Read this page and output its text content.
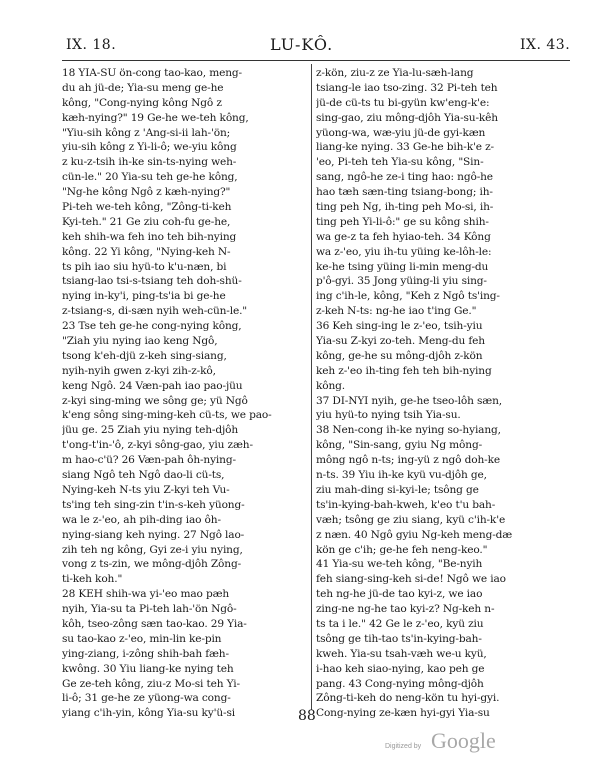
IX. 18.	LU-KÔ.	IX. 43.
18 YIA-SU ön-cong tao-kao, meng-
du ah jü-de; Yia-su meng ge-he
kông, "Cong-nying kông Ngô z
kæh-nying?" 19 Ge-he we-teh kông,
"Yiu-sih kông z 'Ang-si-ii lah-'ön;
yiu-sih kông z Yi-li-ô; we-yiu kông
z ku-z-tsih ih-ke sin-ts-nying weh-
cün-le." 20 Yia-su teh ge-he kông,
"Ng-he kông Ngô z kæh-nying?"
Pi-teh we-teh kông, "Zông-ti-keh
Kyi-teh." 21 Ge ziu coh-fu ge-he,
keh shih-wa feh ino teh bih-nying
kông. 22 Yi kông, "Nying-keh N-
ts pih iao siu hyü-to k'u-næn, bi
tsiang-lao tsi-s-tsiang teh doh-shü-
nying in-ky'i, ping-ts'ia bi ge-he
z-tsiang-s, di-sæn nyih weh-cün-le."
23 Tse teh ge-he cong-nying kông,
"Ziah yiu nying iao keng Ngô,
tsong k'eh-djü z-keh sing-siang,
nyih-nyih gwen z-kyi zih-z-kô,
keng Ngô. 24 Væn-pah iao pao-jüu
z-kyi sing-ming we sông ge; yü Ngô
k'eng sông sing-ming-keh cü-ts, we pao-
jüu ge. 25 Ziah yiu nying teh-djôh
t'ong-t'in-'ô, z-kyi sông-gao, yiu zæh-
m hao-c'ü? 26 Væn-pah ôh-nying-
siang Ngô teh Ngô dao-li cü-ts,
Nying-keh N-ts yiu Z-kyi teh Vu-
ts'ing teh sing-zin t'in-s-keh yüong-
wa le z-'eo, ah pih-ding iao ôh-
nying-siang keh nying. 27 Ngô lao-
zih teh ng kông, Gyi ze-i yiu nying,
vong z ts-zin, we mông-djôh Zông-
ti-keh koh."
28 KEH shih-wa yi-'eo mao pæh
nyih, Yia-su ta Pi-teh lah-'ön Ngô-
kôh, tseo-zông sæn tao-kao. 29 Yia-
su tao-kao z-'eo, min-lin ke-pin
ying-ziang, i-zông shih-bah fæh-
kwông. 30 Yiu liang-ke nying teh
Ge ze-teh kông, ziu-z Mo-si teh Yi-
li-ô; 31 ge-he ze yüong-wa cong-
yiang c'ih-yin, kông Yia-su ky'ü-si
z-kön, ziu-z ze Yia-lu-sæh-lang
tsiang-le iao tso-zing. 32 Pi-teh teh
jü-de cü-ts tu bi-gyün kw'eng-k'e:
sing-gao, ziu mông-djôh Yia-su-kêh
yüong-wa, wæ-yiu jü-de gyi-kæn
liang-ke nying. 33 Ge-he bih-k'e z-
'eo, Pi-teh teh Yia-su kông, "Sin-
sang, ngô-he ze-i ting hao: ngô-he
hao tæh sæn-ting tsiang-bong; ih-
ting peh Ng, ih-ting peh Mo-si, ih-
ting peh Yi-li-ô:" ge su kông shih-
wa ge-z ta feh hyiao-teh. 34 Kông
wa z-'eo, yiu ih-tu yüing ke-lôh-le:
ke-he tsing yüing li-min meng-du
p'ô-gyi. 35 Jong yüing-li yiu sing-
ing c'ih-le, kông, "Keh z Ngô ts'ing-
z-keh N-ts: ng-he iao t'ing Ge."
36 Keh sing-ing le z-'eo, tsih-yiu
Yia-su Z-kyi zo-teh. Meng-du feh
kông, ge-he su mông-djôh z-kön
keh z-'eo ih-ting feh teh bih-nying
kông.
37 DI-NYI nyih, ge-he tseo-lôh sæn,
yiu hyü-to nying tsih Yia-su.
38 Nen-cong ih-ke nying so-hyiang,
kông, "Sin-sang, gyiu Ng mông-
mông ngô n-ts; ing-yü z ngô doh-ke
n-ts. 39 Yiu ih-ke kyü vu-djôh ge,
ziu mah-ding si-kyi-le; tsông ge
ts'in-kying-bah-kweh, k'eo t'u bah-
væh; tsông ge ziu siang, kyü c'ih-k'e
z næn. 40 Ngô gyiu Ng-keh meng-dæ
kön ge c'ih; ge-he feh neng-keo."
41 Yia-su we-teh kông, "Be-nyih
feh siang-sing-keh si-de! Ngô we iao
teh ng-he jü-de tao kyi-z, we iao
zing-ne ng-he tao kyi-z? Ng-keh n-
ts ta i le." 42 Ge le z-'eo, kyü ziu
tsông ge tih-tao ts'in-kying-bah-
kweh. Yia-su tsah-væh we-u kyü,
i-hao keh siao-nying, kao peh ge
pang. 43 Cong-nying mông-djôh
Zông-ti-keh do neng-kön tu hyi-gyi.
Cong-nying ze-kæn hyi-gyi Yia-su
88
Digitized by Google
